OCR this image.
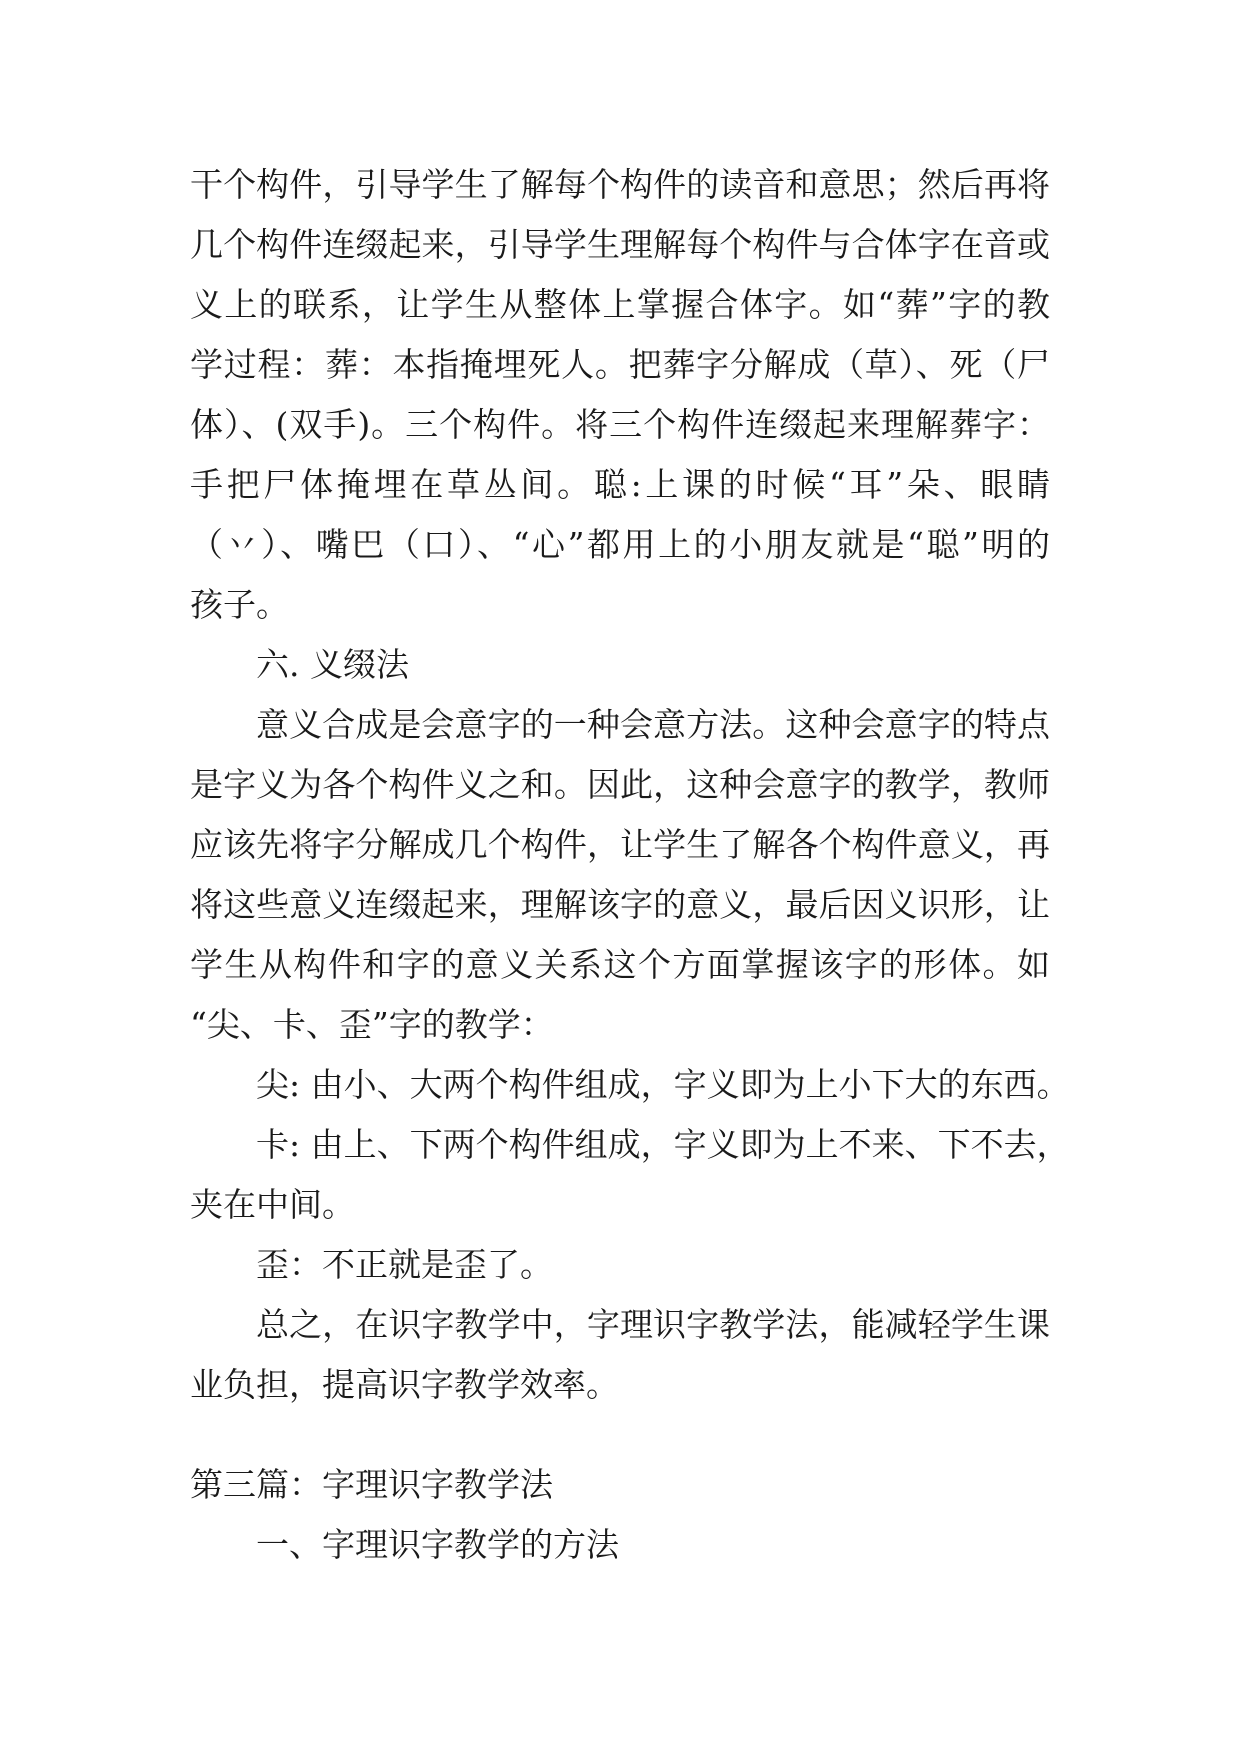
干个构件，引导学生了解每个构件的读音和意思；然后再将

几个构件连缀起来，引导学生理解每个构件与合体字在音或

义上的联系，让学生从整体上掌握合体字。如“葬”字的教

学过程：葬：本指掩埋死人。把葬字分解成（草）、死（尸

体）、(双手)。三个构件。将三个构件连缀起来理解葬字：

手把尸体掩埋在草丛间。聪:上课的时候“耳”朵、眼睛

（丷）、嘴巴（口）、“心”都用上的小朋友就是“聪”明的

孩子。

六. 义缀法

意义合成是会意字的一种会意方法。这种会意字的特点

是字义为各个构件义之和。因此，这种会意字的教学，教师

应该先将字分解成几个构件，让学生了解各个构件意义，再

将这些意义连缀起来，理解该字的意义，最后因义识形，让

学生从构件和字的意义关系这个方面掌握该字的形体。如

“尖、卡、歪”字的教学：

尖: 由小、大两个构件组成，字义即为上小下大的东西。

卡: 由上、下两个构件组成，字义即为上不来、下不去，

夹在中间。

歪：不正就是歪了。

总之，在识字教学中，字理识字教学法，能减轻学生课

业负担，提高识字教学效率。

第三篇：字理识字教学法

一、字理识字教学的方法
